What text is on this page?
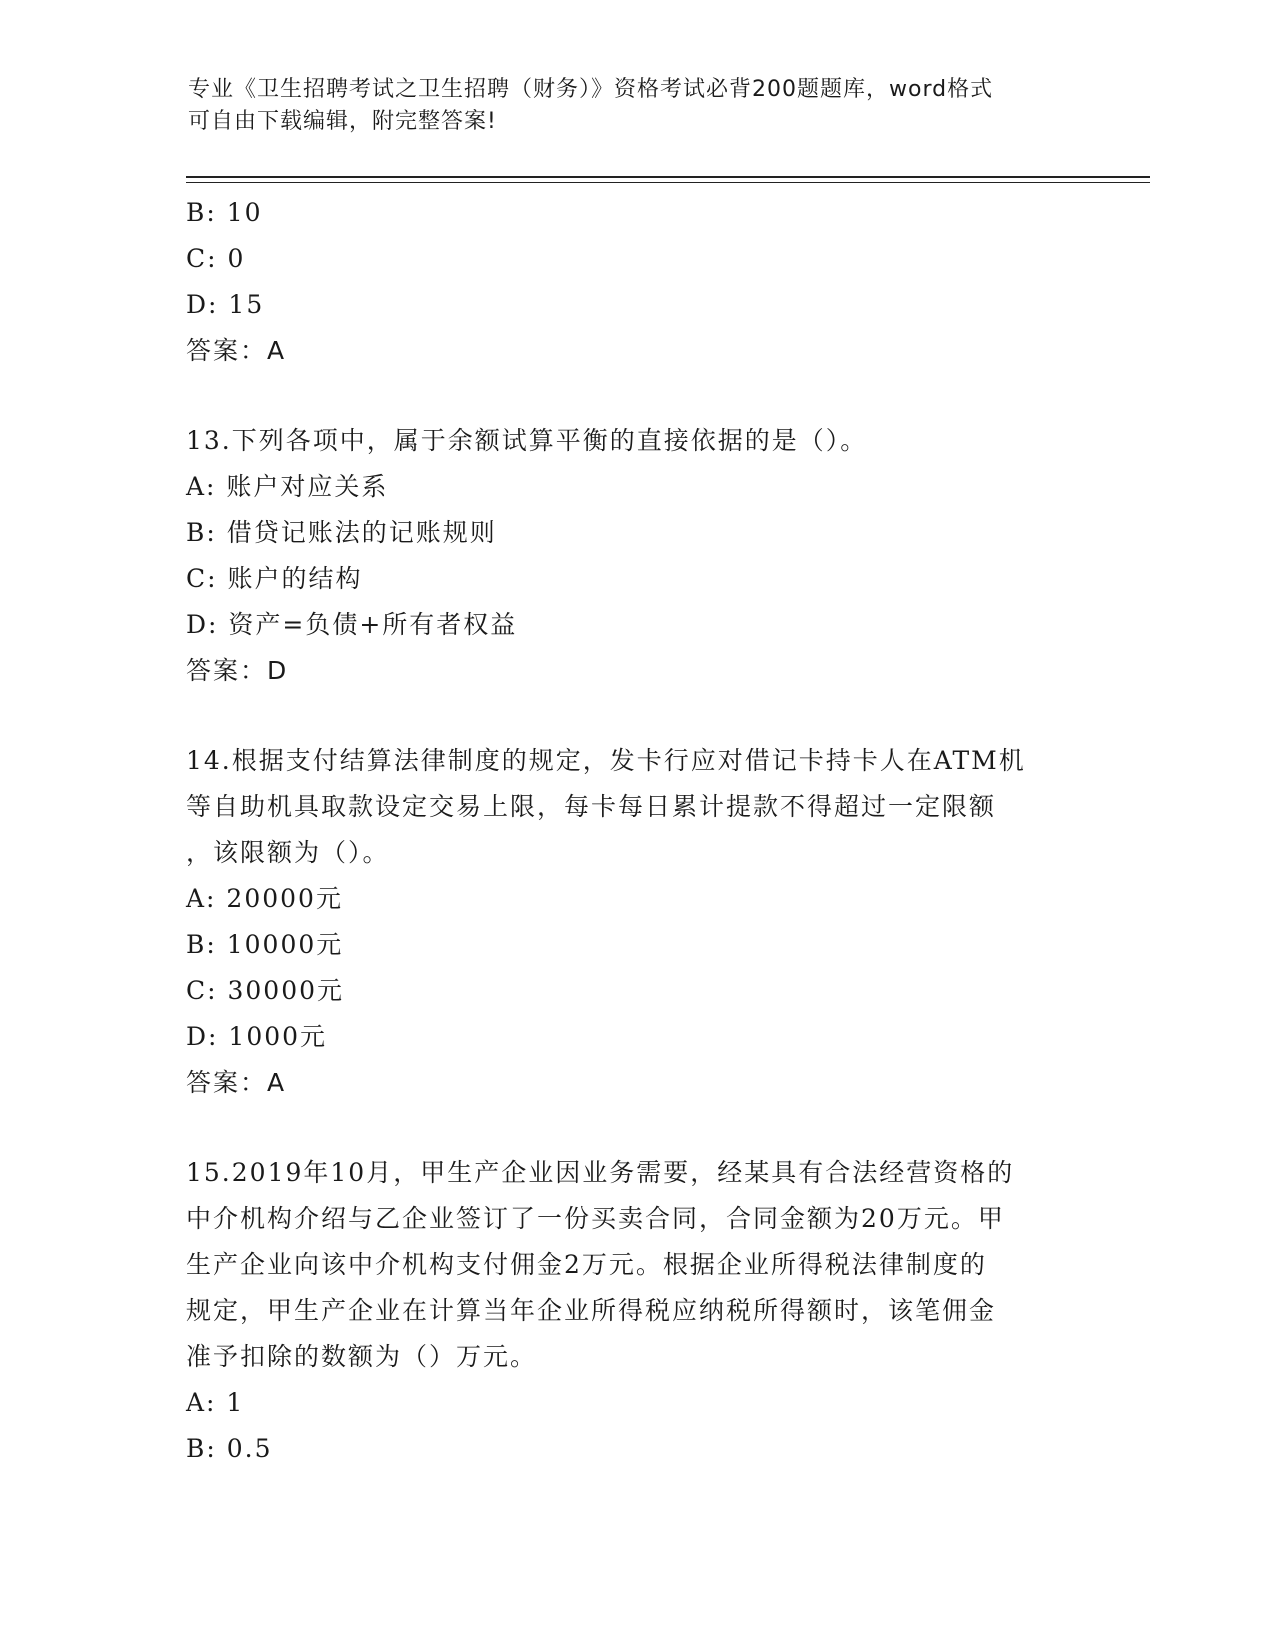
专业《卫生招聘考试之卫生招聘（财务）》资格考试必背200题题库，word格式
可自由下载编辑，附完整答案!
B: 10
C: 0
D: 15
答案：A
13.下列各项中，属于余额试算平衡的直接依据的是（）。
A: 账户对应关系
B: 借贷记账法的记账规则
C: 账户的结构
D: 资产=负债+所有者权益
答案：D
14.根据支付结算法律制度的规定，发卡行应对借记卡持卡人在ATM机
等自助机具取款设定交易上限，每卡每日累计提款不得超过一定限额
，该限额为（）。
A: 20000元
B: 10000元
C: 30000元
D: 1000元
答案：A
15.2019年10月，甲生产企业因业务需要，经某具有合法经营资格的
中介机构介绍与乙企业签订了一份买卖合同，合同金额为20万元。甲
生产企业向该中介机构支付佣金2万元。根据企业所得税法律制度的
规定，甲生产企业在计算当年企业所得税应纳税所得额时，该笔佣金
准予扣除的数额为（）万元。
A: 1
B: 0.5
